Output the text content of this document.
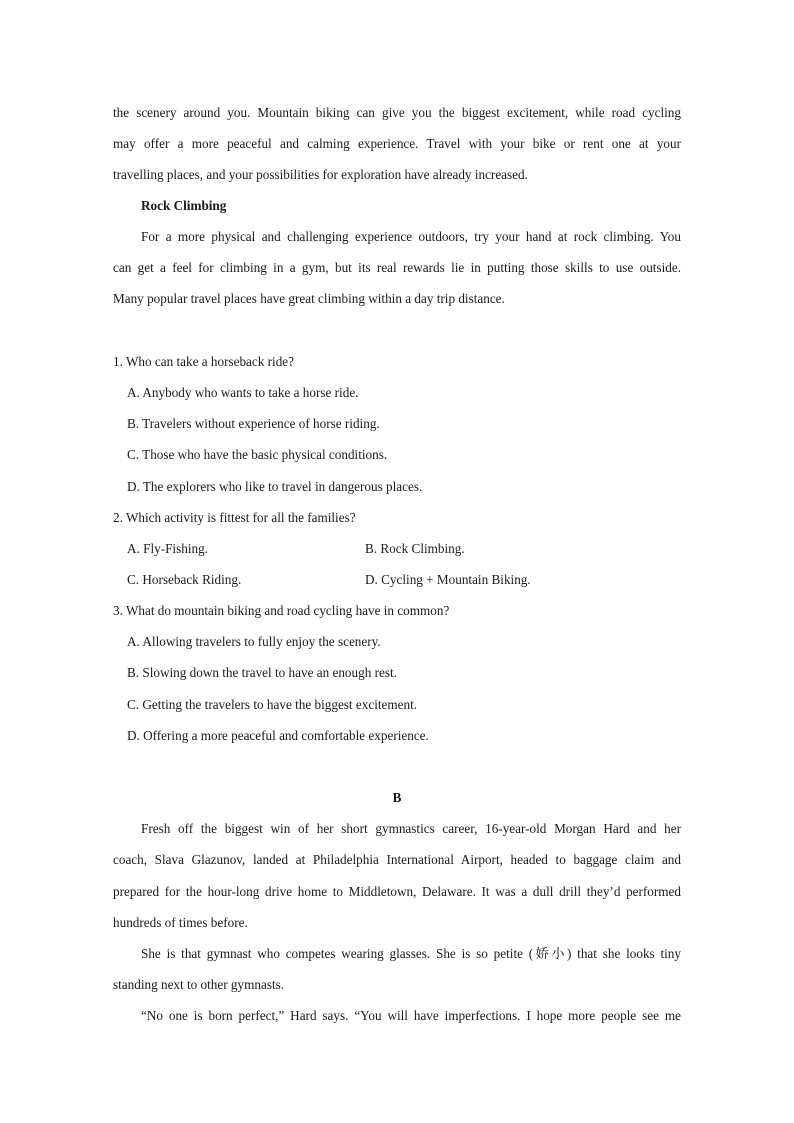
the scenery around you. Mountain biking can give you the biggest excitement, while road cycling
may offer a more peaceful and calming experience. Travel with your bike or rent one at your
travelling places, and your possibilities for exploration have already increased.
Rock Climbing
For a more physical and challenging experience outdoors, try your hand at rock climbing. You
can get a feel for climbing in a gym, but its real rewards lie in putting those skills to use outside.
Many popular travel places have great climbing within a day trip distance.
1. Who can take a horseback ride?
A. Anybody who wants to take a horse ride.
B. Travelers without experience of horse riding.
C. Those who have the basic physical conditions.
D. The explorers who like to travel in dangerous places.
2. Which activity is fittest for all the families?
A. Fly-Fishing.	B. Rock Climbing.
C. Horseback Riding.	D. Cycling + Mountain Biking.
3. What do mountain biking and road cycling have in common?
A. Allowing travelers to fully enjoy the scenery.
B. Slowing down the travel to have an enough rest.
C. Getting the travelers to have the biggest excitement.
D. Offering a more peaceful and comfortable experience.
B
Fresh off the biggest win of her short gymnastics career, 16-year-old Morgan Hard and her
coach, Slava Glazunov, landed at Philadelphia International Airport, headed to baggage claim and
prepared for the hour-long drive home to Middletown, Delaware. It was a dull drill they’d performed
hundreds of times before.
She is that gymnast who competes wearing glasses. She is so petite (娇小) that she looks tiny
standing next to other gymnasts.
“No one is born perfect,” Hard says. “You will have imperfections. I hope more people see me
